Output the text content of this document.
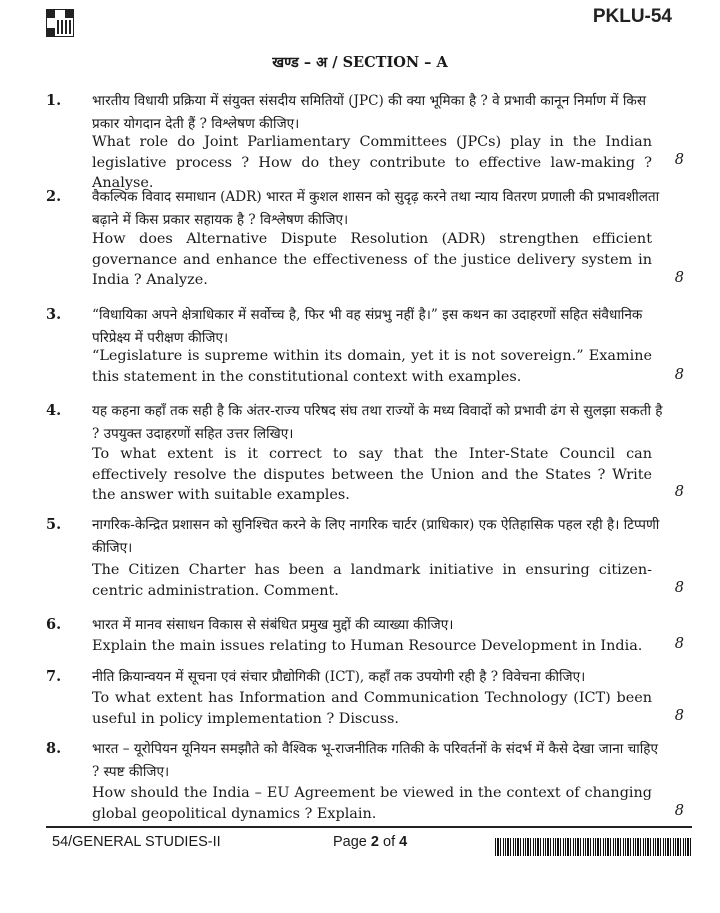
PKLU-54
खण्ड – अ / SECTION – A
1. भारतीय विधायी प्रक्रिया में संयुक्त संसदीय समितियों (JPC) की क्या भूमिका है ? वे प्रभावी कानून निर्माण में किस प्रकार योगदान देती हैं ? विश्लेषण कीजिए।
What role do Joint Parliamentary Committees (JPCs) play in the Indian legislative process ? How do they contribute to effective law-making ? Analyse.
8
2. वैकल्पिक विवाद समाधान (ADR) भारत में कुशल शासन को सुदृढ़ करने तथा न्याय वितरण प्रणाली की प्रभावशीलता बढ़ाने में किस प्रकार सहायक है ? विश्लेषण कीजिए।
How does Alternative Dispute Resolution (ADR) strengthen efficient governance and enhance the effectiveness of the justice delivery system in India ? Analyze.	8
3. “विधायिका अपने क्षेत्राधिकार में सर्वोच्च है, फिर भी वह संप्रभु नहीं है।” इस कथन का उदाहरणों सहित संवैधानिक परिप्रेक्ष्य में परीक्षण कीजिए।
“Legislature is supreme within its domain, yet it is not sovereign.” Examine this statement in the constitutional context with examples.	8
4. यह कहना कहाँ तक सही है कि अंतर-राज्य परिषद संघ तथा राज्यों के मध्य विवादों को प्रभावी ढंग से सुलझा सकती है ? उपयुक्त उदाहरणों सहित उत्तर लिखिए।
To what extent is it correct to say that the Inter-State Council can effectively resolve the disputes between the Union and the States ? Write the answer with suitable examples.	8
5. नागरिक-केन्द्रित प्रशासन को सुनिश्चित करने के लिए नागरिक चार्टर (प्राधिकार) एक ऐतिहासिक पहल रही है। टिप्पणी कीजिए।
The Citizen Charter has been a landmark initiative in ensuring citizen-centric administration. Comment.	8
6. भारत में मानव संसाधन विकास से संबंधित प्रमुख मुद्दों की व्याख्या कीजिए।
Explain the main issues relating to Human Resource Development in India.	8
7. नीति क्रियान्वयन में सूचना एवं संचार प्रौद्योगिकी (ICT), कहाँ तक उपयोगी रही है ? विवेचना कीजिए।
To what extent has Information and Communication Technology (ICT) been useful in policy implementation ? Discuss.	8
8. भारत – यूरोपियन यूनियन समझौते को वैश्विक भू-राजनीतिक गतिकी के परिवर्तनों के संदर्भ में कैसे देखा जाना चाहिए ? स्पष्ट कीजिए।
How should the India – EU Agreement be viewed in the context of changing global geopolitical dynamics ? Explain.	8
54/GENERAL STUDIES-II	Page 2 of 4
